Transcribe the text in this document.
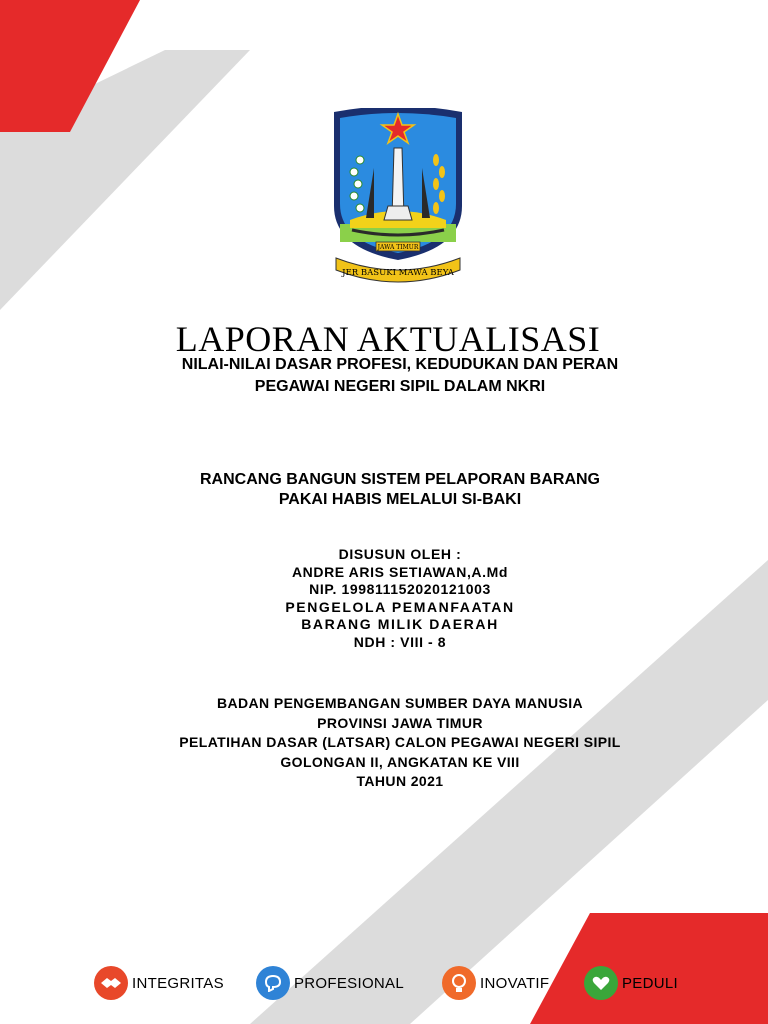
JAWA TIMUR
JER BASUKI MAWA BEYA
LAPORAN AKTUALISASI
NILAI-NILAI DASAR PROFESI, KEDUDUKAN DAN PERAN
PEGAWAI NEGERI SIPIL DALAM NKRI
RANCANG BANGUN SISTEM PELAPORAN BARANG
PAKAI HABIS MELALUI SI-BAKI
DISUSUN OLEH :
ANDRE ARIS SETIAWAN,A.Md
NIP. 199811152020121003
PENGELOLA PEMANFAATAN
BARANG MILIK DAERAH
NDH : VIII - 8
BADAN PENGEMBANGAN SUMBER DAYA MANUSIA
PROVINSI JAWA TIMUR
PELATIHAN DASAR (LATSAR) CALON PEGAWAI NEGERI SIPIL
GOLONGAN II, ANGKATAN KE VIII
TAHUN 2021
INTEGRITAS	PROFESIONAL	INOVATIF	PEDULI
